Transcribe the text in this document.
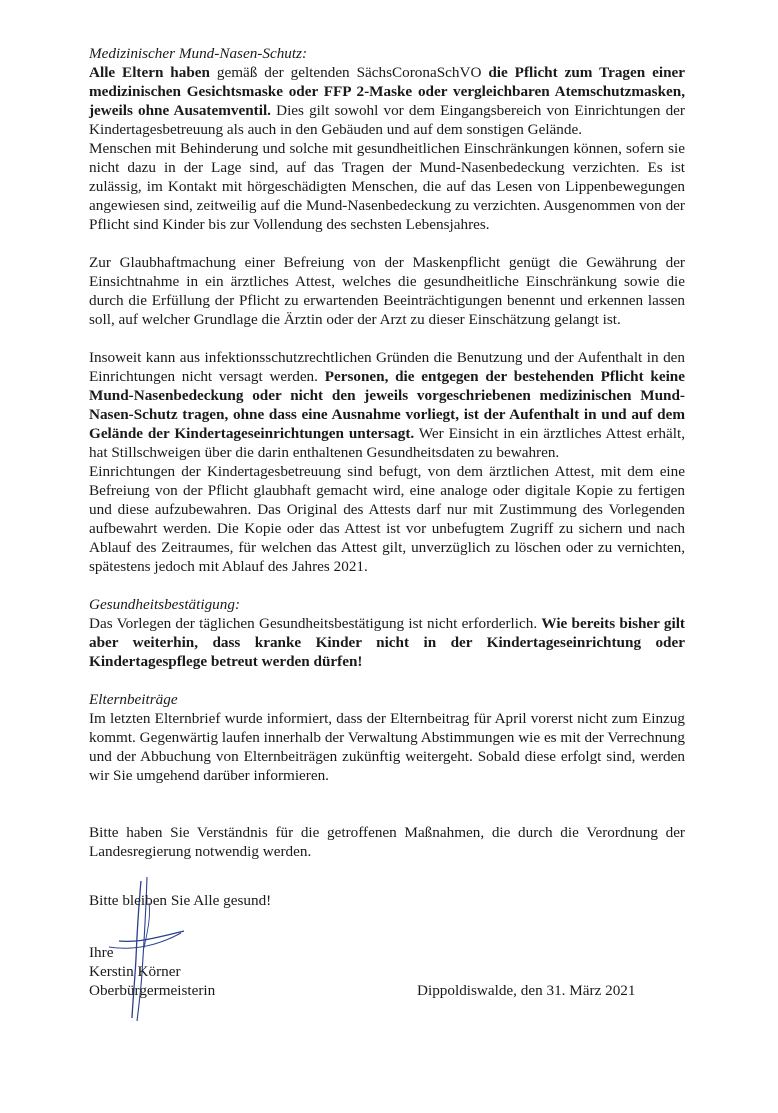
Medizinischer Mund-Nasen-Schutz:

Alle Eltern haben gemäß der geltenden SächsCoronaSchVO die Pflicht zum Tragen einer medizinischen Gesichtsmaske oder FFP 2-Maske oder vergleichbaren Atemschutzmasken, jeweils ohne Ausatemventil. Dies gilt sowohl vor dem Eingangsbereich von Einrichtungen der Kindertagesbetreuung als auch in den Gebäuden und auf dem sonstigen Gelände.

Menschen mit Behinderung und solche mit gesundheitlichen Einschränkungen können, sofern sie nicht dazu in der Lage sind, auf das Tragen der Mund-Nasenbedeckung verzichten. Es ist zulässig, im Kontakt mit hörgeschädigten Menschen, die auf das Lesen von Lippenbewegungen angewiesen sind, zeitweilig auf die Mund-Nasenbedeckung zu verzichten. Ausgenommen von der Pflicht sind Kinder bis zur Vollendung des sechsten Lebensjahres.

Zur Glaubhaftmachung einer Befreiung von der Maskenpflicht genügt die Gewährung der Einsichtnahme in ein ärztliches Attest, welches die gesundheitliche Einschränkung sowie die durch die Erfüllung der Pflicht zu erwartenden Beeinträchtigungen benennt und erkennen lassen soll, auf welcher Grundlage die Ärztin oder der Arzt zu dieser Einschätzung gelangt ist.

Insoweit kann aus infektionsschutzrechtlichen Gründen die Benutzung und der Aufenthalt in den Einrichtungen nicht versagt werden. Personen, die entgegen der bestehenden Pflicht keine Mund-Nasenbedeckung oder nicht den jeweils vorgeschriebenen medizinischen Mund-Nasen-Schutz tragen, ohne dass eine Ausnahme vorliegt, ist der Aufenthalt in und auf dem Gelände der Kindertageseinrichtungen untersagt. Wer Einsicht in ein ärztliches Attest erhält, hat Stillschweigen über die darin enthaltenen Gesundheitsdaten zu bewahren.

Einrichtungen der Kindertagesbetreuung sind befugt, von dem ärztlichen Attest, mit dem eine Befreiung von der Pflicht glaubhaft gemacht wird, eine analoge oder digitale Kopie zu fertigen und diese aufzubewahren. Das Original des Attests darf nur mit Zustimmung des Vorlegenden aufbewahrt werden. Die Kopie oder das Attest ist vor unbefugtem Zugriff zu sichern und nach Ablauf des Zeitraumes, für welchen das Attest gilt, unverzüglich zu löschen oder zu vernichten, spätestens jedoch mit Ablauf des Jahres 2021.

Gesundheitsbestätigung:

Das Vorlegen der täglichen Gesundheitsbestätigung ist nicht erforderlich. Wie bereits bisher gilt aber weiterhin, dass kranke Kinder nicht in der Kindertageseinrichtung oder Kindertagespflege betreut werden dürfen!

Elternbeiträge

Im letzten Elternbrief wurde informiert, dass der Elternbeitrag für April vorerst nicht zum Einzug kommt. Gegenwärtig laufen innerhalb der Verwaltung Abstimmungen wie es mit der Verrechnung und der Abbuchung von Elternbeiträgen zukünftig weitergeht. Sobald diese erfolgt sind, werden wir Sie umgehend darüber informieren.

Bitte haben Sie Verständnis für die getroffenen Maßnahmen, die durch die Verordnung der Landesregierung notwendig werden.

Bitte bleiben Sie Alle gesund!
Ihre
Kerstin Körner
Oberbürgermeisterin	Dippoldiswalde, den 31. März 2021
